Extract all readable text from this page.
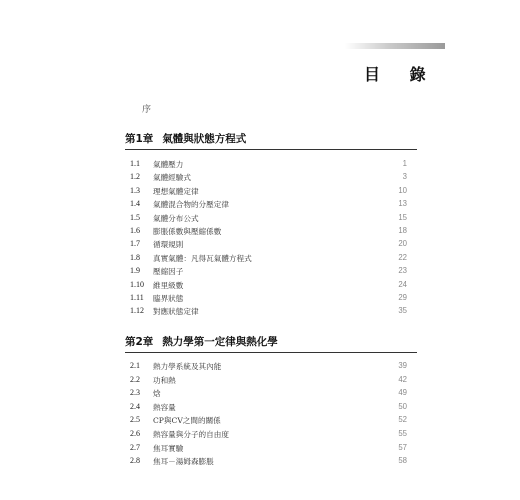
目 錄
序
第1章 氣體與狀態方程式
1.1 氣體壓力	1
1.2 氣體經驗式	3
1.3 理想氣體定律	10
1.4 氣體混合物的分壓定律	13
1.5 氣體分布公式	15
1.6 膨脹係數與壓縮係數	18
1.7 循環規則	20
1.8 真實氣體：凡得瓦氣體方程式	22
1.9 壓縮因子	23
1.10 維里級數	24
1.11 臨界狀態	29
1.12 對應狀態定律	35
第2章 熱力學第一定律與熱化學
2.1 熱力學系統及其內能	39
2.2 功和熱	42
2.3 焓	49
2.4 熱容量	50
2.5 CP與CV之間的關係	52
2.6 熱容量與分子的自由度	55
2.7 焦耳實驗	57
2.8 焦耳－湯姆森膨脹	58
